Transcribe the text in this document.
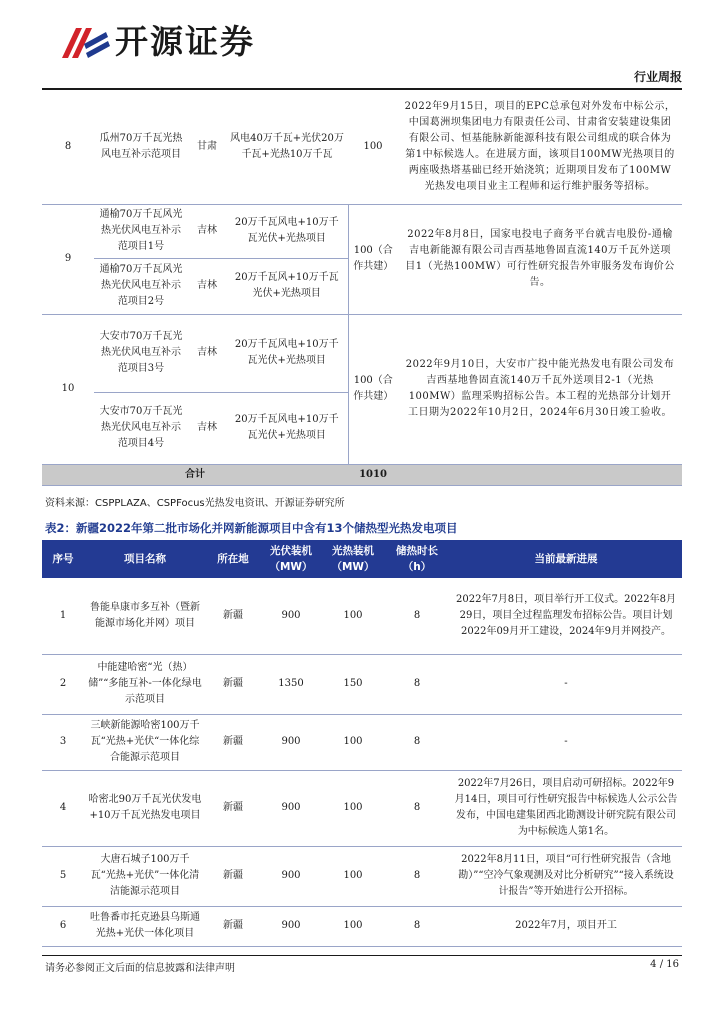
开源证券
行业周报
8	瓜州70万千瓦光热风电互补示范项目	甘肃	风电40万千瓦+光伏20万千瓦+光热10万千瓦	100	2022年9月15日，项目的EPC总承包对外发布中标公示，中国葛洲坝集团电力有限责任公司、甘肃省安装建设集团有限公司、恒基能脉新能源科技有限公司组成的联合体为第1中标候选人。在进展方面，该项目100MW光热项目的两座吸热塔基础已经开始浇筑；近期项目发布了100MW光热发电项目业主工程师和运行维护服务等招标。
9	通榆70万千瓦风光热光伏风电互补示范项目1号	吉林	20万千瓦风电+10万千瓦光伏+光热项目	100（合作共建）	2022年8月8日，国家电投电子商务平台就吉电股份-通榆吉电新能源有限公司吉西基地鲁固直流140万千瓦外送项目1（光热100MW）可行性研究报告外审服务发布询价公告。
	通榆70万千瓦风光热光伏风电互补示范项目2号	吉林	20万千瓦风+10万千瓦光伏+光热项目		
10	大安市70万千瓦光热光伏风电互补示范项目3号	吉林	20万千瓦风电+10万千瓦光伏+光热项目	100（合作共建）	2022年9月10日，大安市广投中能光热发电有限公司发布吉西基地鲁固直流140万千瓦外送项目2-1（光热100MW）监理采购招标公告。本工程的光热部分计划开工日期为2022年10月2日，2024年6月30日竣工验收。
	大安市70万千瓦光热光伏风电互补示范项目4号	吉林	20万千瓦风电+10万千瓦光伏+光热项目		
合计				1010	
资料来源：CSPPLAZA、CSPFocus光热发电资讯、开源证券研究所
表2：新疆2022年第二批市场化并网新能源项目中含有13个储热型光热发电项目
序号	项目名称	所在地	光伏装机（MW）	光热装机（MW）	储热时长（h）	当前最新进展
1	鲁能阜康市多互补（暨新能源市场化并网）项目	新疆	900	100	8	2022年7月8日，项目举行开工仪式。2022年8月29日，项目全过程监理发布招标公告。项目计划2022年09月开工建设，2024年9月并网投产。
2	中能建哈密“光（热）储”“多能互补-一体化绿电示范项目	新疆	1350	150	8	-
3	三峡新能源哈密100万千瓦“光热+光伏“一体化综合能源示范项目	新疆	900	100	8	-
4	哈密北90万千瓦光伏发电+10万千瓦光热发电项目	新疆	900	100	8	2022年7月26日，项目启动可研招标。2022年9月14日，项目可行性研究报告中标候选人公示公告发布，中国电建集团西北勘测设计研究院有限公司为中标候选人第1名。
5	大唐石城子100万千瓦“光热+光伏”一体化清洁能源示范项目	新疆	900	100	8	2022年8月11日，项目“可行性研究报告（含地勘）”“空冷气象观测及对比分析研究”“接入系统设计报告”等开始进行公开招标。
6	吐鲁番市托克逊县乌斯通光热+光伏一体化项目	新疆	900	100	8	2022年7月，项目开工
请务必参阅正文后面的信息披露和法律声明	4 / 16
